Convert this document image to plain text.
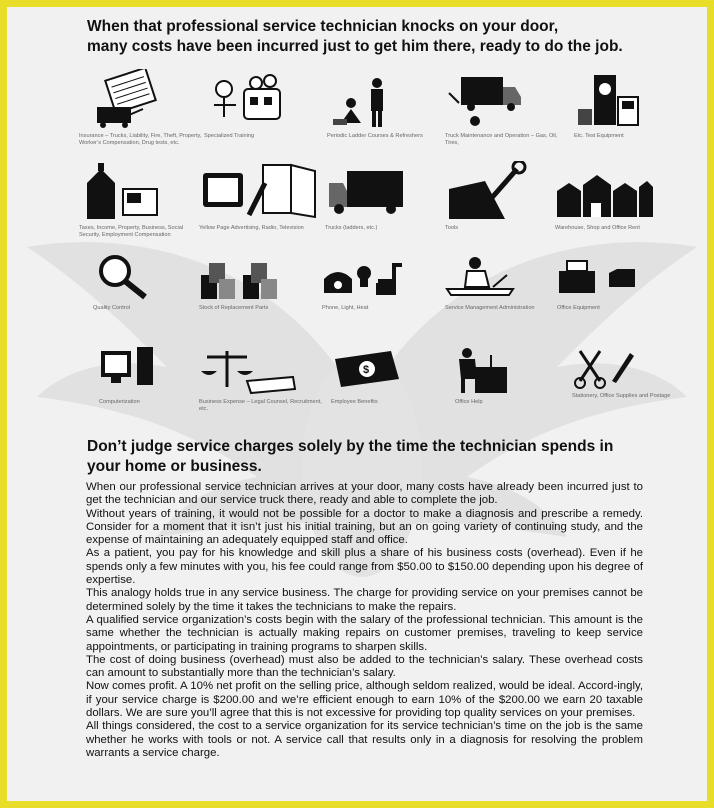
When that professional service technician knocks on your door,
many costs have been incurred just to get him there, ready to do the job.
Insurance – Trucks, Liability, Fire, Theft, Property, Worker’s Compensation, Drug tests, etc.
Specialized Training	Periodic Ladder Courses & Refreshers	Truck Maintenance and Operation – Gas, Oil, Tires,
Etc. Test Equipment
Taxes, Income, Property, Business, Social Security, Employment Compensation
Yellow Page Advertising, Radio, Television	Trucks (ladders, etc.)	Tools	Warehouse, Shop and Office Rent
Quality Control	Stock of Replacement Parts	Phone, Light, Heat	Service Management Administration	Office Equipment
Computerization	Business Expense – Legal Counsel, Recruitment, etc.
$
Employee Benefits	Office Help
Stationery, Office Supplies and Postage
Don’t judge service charges solely by the time the technician spends in
your home or business.

When our professional service technician arrives at your door, many costs have already been incurred just to get the technician and our service truck there, ready and able to complete the job.

Without years of training, it would not be possible for a doctor to make a diagnosis and prescribe a remedy. Consider for a moment that it isn’t just his initial training, but an on going variety of continuing study, and the expense of maintaining an adequately equipped staff and office.

As a patient, you pay for his knowledge and skill plus a share of his business costs (overhead). Even if he spends only a few minutes with you, his fee could range from $50.00 to $150.00 depending upon his degree of expertise.

This analogy holds true in any service business. The charge for providing service on your premises cannot be determined solely by the time it takes the technicians to make the repairs.

A qualified service organization’s costs begin with the salary of the professional technician. This amount is the same whether the technician is actually making repairs on customer premises, traveling to keep service appointments, or participating in training programs to sharpen skills.

The cost of doing business (overhead) must also be added to the technician’s salary. These overhead costs can amount to substantially more than the technician’s salary.

Now comes profit. A 10% net profit on the selling price, although seldom realized, would be ideal. Accord-ingly, if your service charge is $200.00 and we’re efficient enough to earn 10% of the $200.00 we earn 20 taxable dollars. We are sure you’ll agree that this is not excessive for providing top quality services on your premises.

All things considered, the cost to a service organization for its service technician’s time on the job is the same whether he works with tools or not. A service call that results only in a diagnosis for resolving the problem warrants a service charge.
